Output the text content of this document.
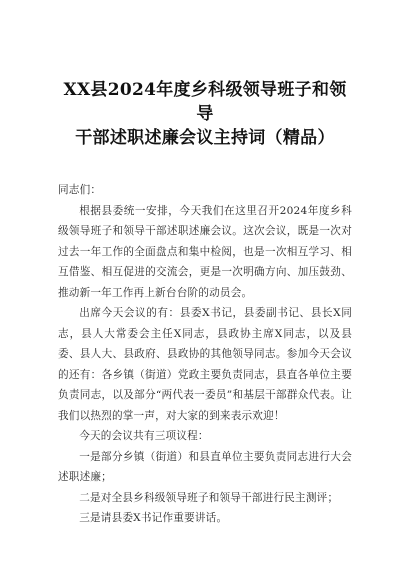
XX县2024年度乡科级领导班子和领导
干部述职述廉会议主持词（精品）

同志们：

根据县委统一安排，今天我们在这里召开2024年度乡科级领导班子和领导干部述职述廉会议。这次会议，既是一次对过去一年工作的全面盘点和集中检阅，也是一次相互学习、相互借鉴、相互促进的交流会，更是一次明确方向、加压鼓劲、推动新一年工作再上新台台阶的动员会。

出席今天会议的有：县委X书记，县委副书记、县长X同志，县人大常委会主任X同志，县政协主席X同志，以及县委、县人大、县政府、县政协的其他领导同志。参加今天会议的还有：各乡镇（街道）党政主要负责同志，县直各单位主要负责同志，以及部分“两代表一委员”和基层干部群众代表。让我们以热烈的掌一声，对大家的到来表示欢迎！

今天的会议共有三项议程：

一是部分乡镇（街道）和县直单位主要负责同志进行大会述职述廉；

二是对全县乡科级领导班子和领导干部进行民主测评；

三是请县委X书记作重要讲话。
